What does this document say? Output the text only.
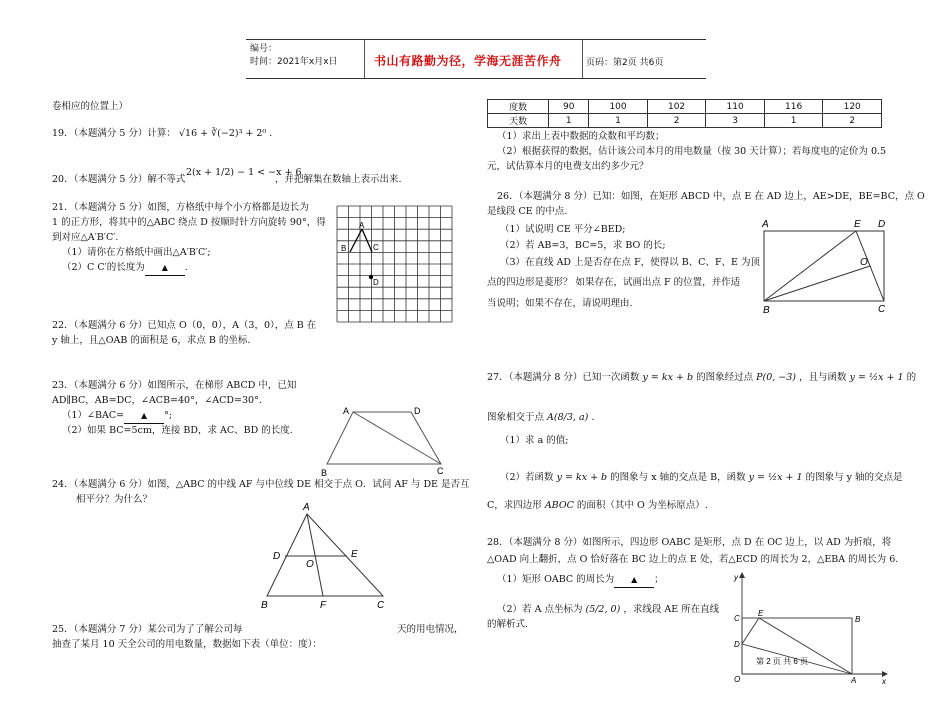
编号：
时间：2021年x月x日	书山有路勤为径，学海无涯苦作舟	页码：第2页 共6页
卷相应的位置上）
19．（本题满分 5 分）计算： √16 + ∛(−2)³ + 2⁰ .
20．（本题满分 5 分）解不等式
2(x + 1/2) − 1 < −x + 6
，并把解集在数轴上表示出来.
21．（本题满分 5 分）如图，方格纸中每个小方格都是边长为
1 的正方形，将其中的△ABC 绕点 D 按顺时针方向旋转 90°，得
到对应△A′B′C′.
（1）请你在方格纸中画出△A′B′C′;
（2）C C′的长度为 ▲ .
A
B	C
D
22．（本题满分 6 分）已知点 O（0，0），A（3，0），点 B 在
y 轴上，且△OAB 的面积是 6，求点 B 的坐标.
23．（本题满分 6 分）如图所示，在梯形 ABCD 中，已知
AD∥BC，AB=DC，∠ACB=40°，∠ACD=30°.
（1）∠BAC= ▲ °;
（2）如果 BC=5cm，连接 BD，求 AC、BD 的长度.
A	D
B	C
24．（本题满分 6 分）如图，△ABC 的中线 AF 与中位线 DE 相交于点 O．试问 AF 与 DE 是否互
相平分？为什么？
A
D	E
O
B	F	C
25．（本题满分 7 分）某公司为了了解公司每	天的用电情况，
抽查了某月 10 天全公司的用电数量，数据如下表（单位：度）：
度数	90	100	102	110	116	120
天数	1	1	2	3	1	2
（1）求出上表中数据的众数和平均数；
（2）根据获得的数据，估计该公司本月的用电数量（按 30 天计算）；若每度电的定价为 0.5
元，试估算本月的电费支出约多少元？
26．（本题满分 8 分）已知：如图，在矩形 ABCD 中，点 E 在 AD 边上，AE>DE，BE=BC，点 O
是线段 CE 的中点.
（1）试说明 CE 平分∠BED;
（2）若 AB=3，BC=5，求 BO 的长;
（3）在直线 AD 上是否存在点 F，使得以 B、C、F、E 为顶
点的四边形是菱形？ 如果存在，试画出点 F 的位置，并作适
当说明；如果不存在，请说明理由.
A	E D
O
B	C
27．（本题满分 8 分）已知一次函数 y = kx + b 的图象经过点 P(0, −3) ，且与函数 y = ½x + 1 的
图象相交于点 A(8/3, a) .
（1）求 a 的值;
（2）若函数 y = kx + b 的图象与 x 轴的交点是 B，函数 y = ½x + 1 的图象与 y 轴的交点是
C，求四边形 ABOC 的面积（其中 O 为坐标原点）.
28．（本题满分 8 分）如图所示，四边形 OABC 是矩形，点 D 在 OC 边上，以 AD 为折痕，将
△OAD 向上翻折，点 O 恰好落在 BC 边上的点 E 处，若△ECD 的周长为 2，△EBA 的周长为 6.
（1）矩形 OABC 的周长为 ▲ ；
（2）若 A 点坐标为 (5/2, 0) ，求线段 AE 所在直线
的解析式.
y
x
O	A
B
C
D
E
第 2 页 共 6 页
